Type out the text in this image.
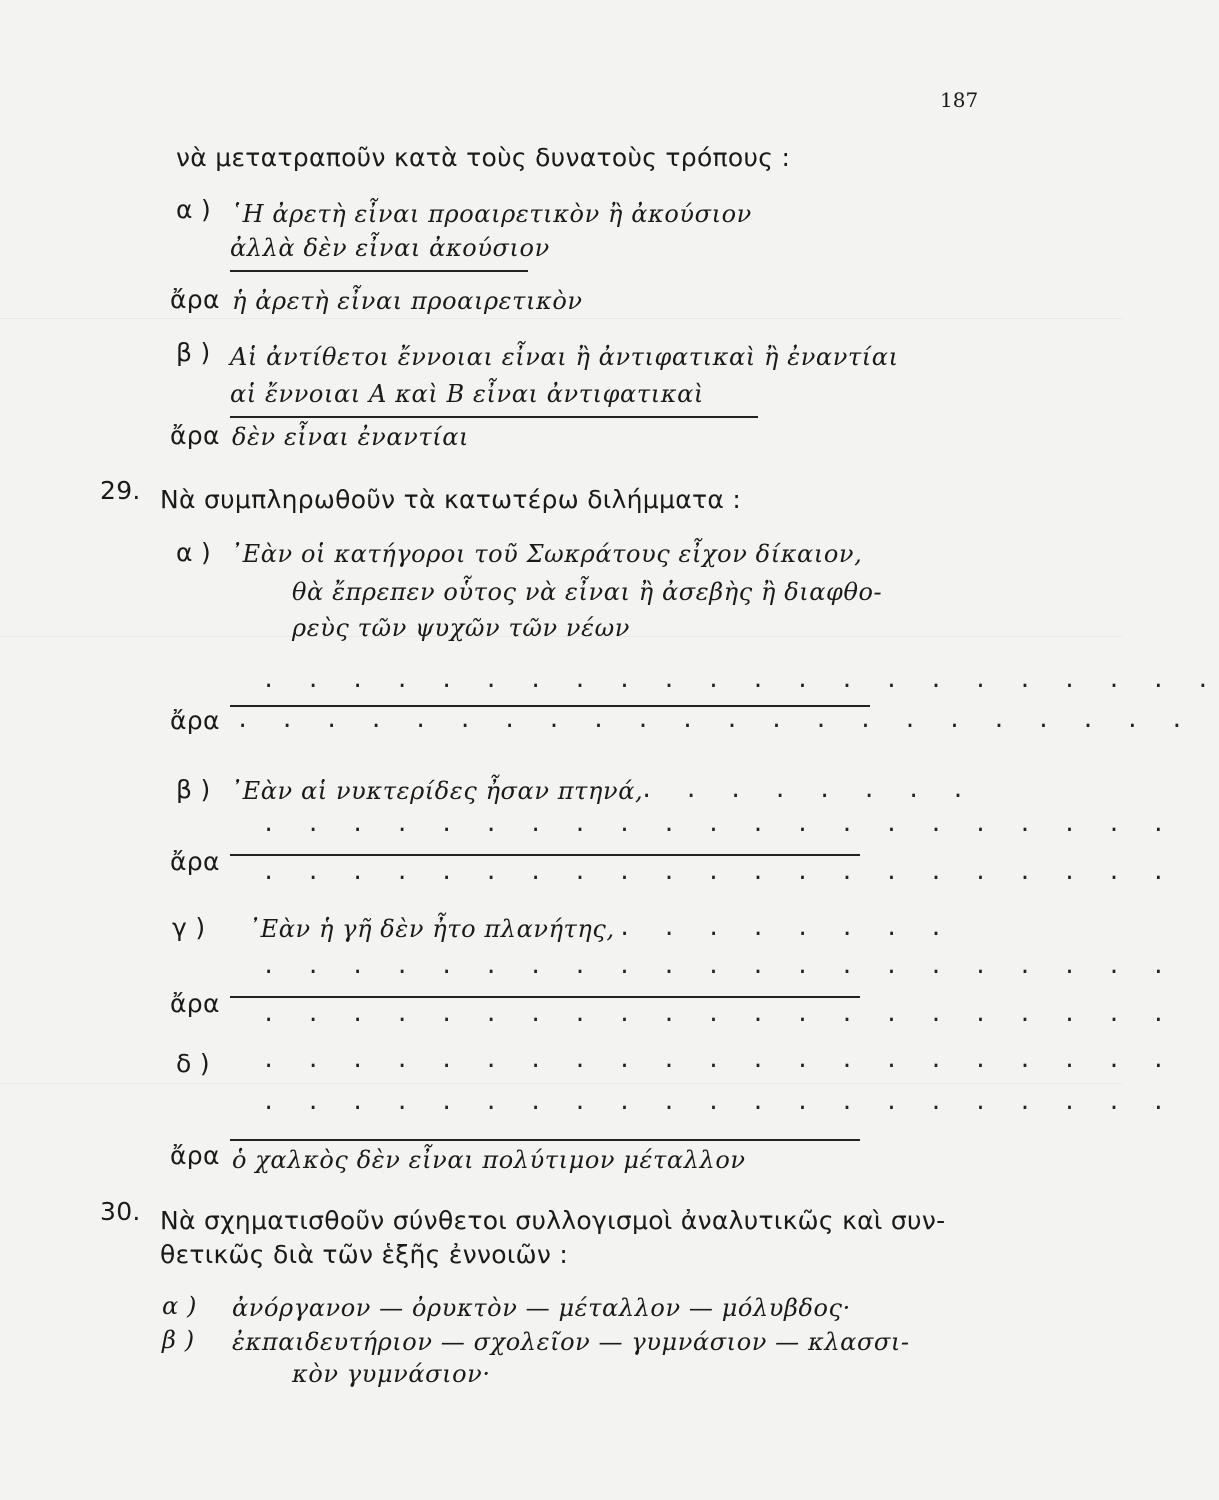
187
νὰ μετατραποῦν κατὰ τοὺς δυνατοὺς τρόπους :
α ) ῾Η ἀρετὴ εἶναι προαιρετικὸν ἢ ἀκούσιον
ἀλλὰ δὲν εἶναι ἀκούσιον
ἄρα ἡ ἀρετὴ εἶναι προαιρετικὸν
β ) Αἱ ἀντίθετοι ἔννοιαι εἶναι ἢ ἀντιφατικαὶ ἢ ἐναντίαι
αἱ ἔννοιαι Α καὶ Β εἶναι ἀντιφατικαὶ
ἄρα δὲν εἶναι ἐναντίαι
29. Νὰ συμπληρωθοῦν τὰ κατωτέρω διλήμματα :
α ) ᾿Εὰν οἱ κατήγοροι τοῦ Σωκράτους εἶχον δίκαιον,
θὰ ἔπρεπεν οὗτος νὰ εἶναι ἢ ἀσεβὴς ἢ διαφθο-
ρεὺς τῶν ψυχῶν τῶν νέων
. . . . . . . . . . . . . . . . . . . . . .
ἄρα . . . . . . . . . . . . . . . . . . . . . .
β ) ᾿Εὰν αἱ νυκτερίδες ἦσαν πτηνά,
. . . . . . . .
. . . . . . . . . . . . . . . . . . . . .
ἄρα . . . . . . . . . . . . . . . . . . . . .
γ ) ᾿Εὰν ἡ γῆ δὲν ἦτο πλανήτης, . . . . . . . .
. . . . . . . . . . . . . . . . . . . . .
ἄρα . . . . . . . . . . . . . . . . . . . . .
δ ) . . . . . . . . . . . . . . . . . . . . .
. . . . . . . . . . . . . . . . . . . . .
ἄρα ὁ χαλκὸς δὲν εἶναι πολύτιμον μέταλλον
30. Νὰ σχηματισθοῦν σύνθετοι συλλογισμοὶ ἀναλυτικῶς καὶ συν-
θετικῶς διὰ τῶν ἑξῆς ἐννοιῶν :
α ) ἀνόργανον — ὀρυκτὸν — μέταλλον — μόλυβδος·
β ) ἐκπαιδευτήριον — σχολεῖον — γυμνάσιον — κλασσι-
κὸν γυμνάσιον·
